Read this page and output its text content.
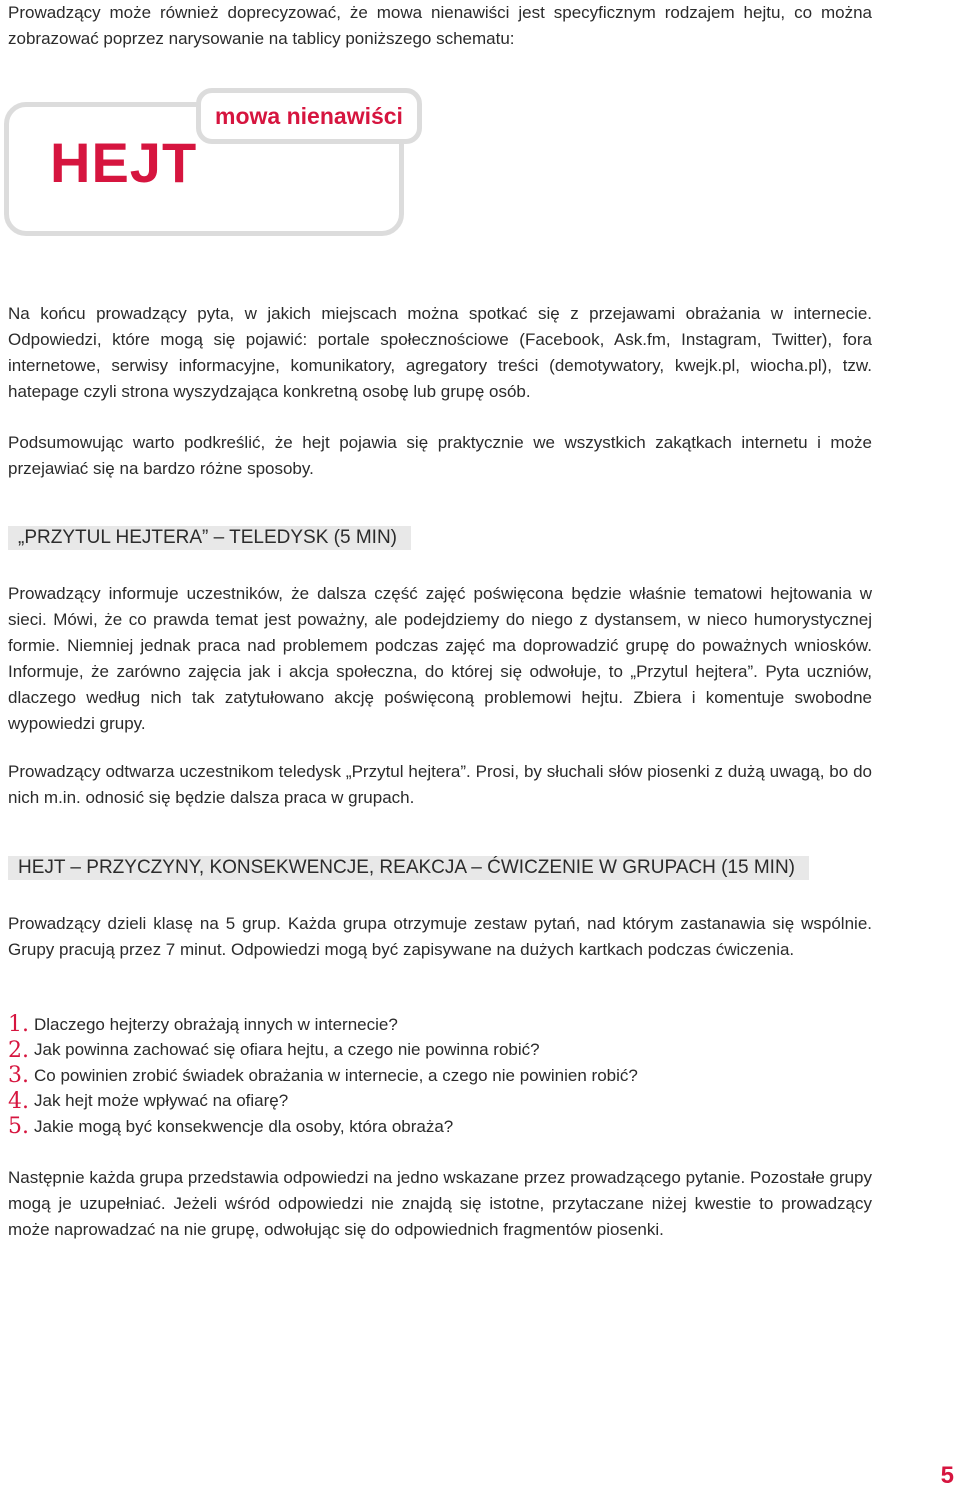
Prowadzący może również doprecyzować, że mowa nienawiści jest specyficznym rodzajem hejtu, co można zobrazować poprzez narysowanie na tablicy poniższego schematu:

mowa nienawiści
HEJT

Na końcu prowadzący pyta, w jakich miejscach można spotkać się z przejawami obrażania w internecie. Odpowiedzi, które mogą się pojawić: portale społecznościowe (Facebook, Ask.fm, Instagram, Twitter), fora internetowe, serwisy informacyjne, komunikatory, agregatory treści (demotywatory, kwejk.pl, wiocha.pl), tzw. hatepage czyli strona wyszydzająca konkretną osobę lub grupę osób.

Podsumowując warto podkreślić, że hejt pojawia się praktycznie we wszystkich zakątkach internetu i może przejawiać się na bardzo różne sposoby.

„PRZYTUL HEJTERA” – TELEDYSK (5 MIN)

Prowadzący informuje uczestników, że dalsza część zajęć poświęcona będzie właśnie tematowi hejtowania w sieci. Mówi, że co prawda temat jest poważny, ale podejdziemy do niego z dystansem, w nieco humorystycznej formie. Niemniej jednak praca nad problemem podczas zajęć ma doprowadzić grupę do poważnych wniosków. Informuje, że zarówno zajęcia jak i akcja społeczna, do której się odwołuje, to „Przytul hejtera”. Pyta uczniów, dlaczego według nich tak zatytułowano akcję poświęconą problemowi hejtu. Zbiera i komentuje swobodne wypowiedzi grupy.

Prowadzący odtwarza uczestnikom teledysk „Przytul hejtera”. Prosi, by słuchali słów piosenki z dużą uwagą, bo do nich m.in. odnosić się będzie dalsza praca w grupach.

HEJT – PRZYCZYNY, KONSEKWENCJE, REAKCJA – ĆWICZENIE W GRUPACH (15 MIN)

Prowadzący dzieli klasę na 5 grup. Każda grupa otrzymuje zestaw pytań, nad którym zastanawia się wspólnie. Grupy pracują przez 7 minut. Odpowiedzi mogą być zapisywane na dużych kartkach podczas ćwiczenia.

1. Dlaczego hejterzy obrażają innych w internecie?
2. Jak powinna zachować się ofiara hejtu, a czego nie powinna robić?
3. Co powinien zrobić świadek obrażania w internecie, a czego nie powinien robić?
4. Jak hejt może wpływać na ofiarę?
5. Jakie mogą być konsekwencje dla osoby, która obraża?

Następnie każda grupa przedstawia odpowiedzi na jedno wskazane przez prowadzącego pytanie. Pozostałe grupy mogą je uzupełniać. Jeżeli wśród odpowiedzi nie znajdą się istotne, przytaczane niżej kwestie to prowadzący może naprowadzać na nie grupę, odwołując się do odpowiednich fragmentów piosenki.

5
